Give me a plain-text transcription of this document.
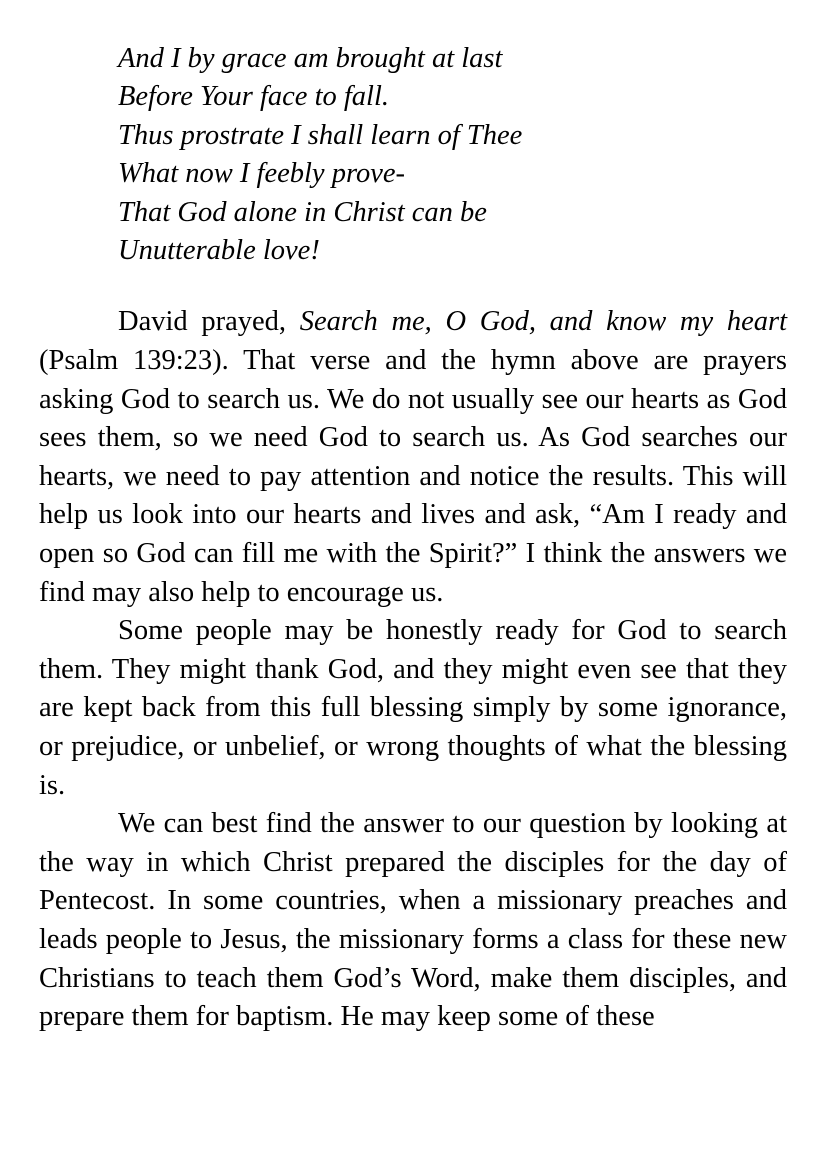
And I by grace am brought at last
Before Your face to fall.
Thus prostrate I shall learn of Thee
What now I feebly prove-
That God alone in Christ can be
Unutterable love!

David prayed, Search me, O God, and know my heart (Psalm 139:23). That verse and the hymn above are prayers asking God to search us. We do not usually see our hearts as God sees them, so we need God to search us. As God searches our hearts, we need to pay attention and notice the results. This will help us look into our hearts and lives and ask, “Am I ready and open so God can fill me with the Spirit?” I think the answers we find may also help to encourage us.

Some people may be honestly ready for God to search them. They might thank God, and they might even see that they are kept back from this full blessing simply by some ignorance, or prejudice, or unbelief, or wrong thoughts of what the blessing is.

We can best find the answer to our question by looking at the way in which Christ prepared the disciples for the day of Pentecost. In some countries, when a missionary preaches and leads people to Jesus, the missionary forms a class for these new Christians to teach them God’s Word, make them disciples, and prepare them for baptism. He may keep some of these
